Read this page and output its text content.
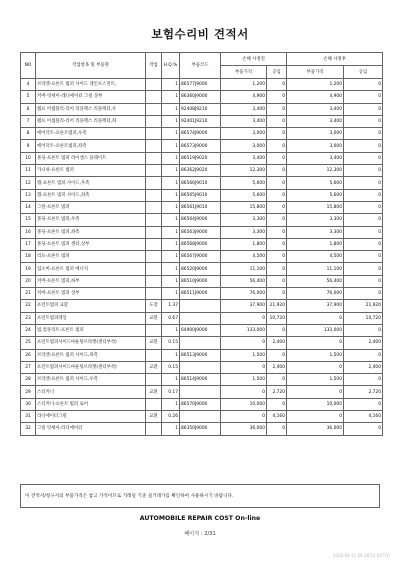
보험수리비 견적서
NO	작업항목 및 부품명	작업	H.Q.%	부품코드	손해 사정전		손해 사정후	
					부품가격	공임	부품가격	공임
4	브라켓-프론트 범퍼 사이드 레인포스먼트,		1	86577J9000	1,200	0	1,200	0
5	커버-엇세이-레디에이터 그릴 상부		1	86360J9000	4,900	0	4,900	0
6	램프 어셈블리-리어 리플렉스 리플렉터,우		1	92408J9210	3,400	0	3,400	0
7	램프 어셈블리-리어 리플렉스 리플렉터,좌		1	92401J9210	3,400	0	3,400	0
8	에어덕트-프론트범퍼,우측		1	86574J9000	3,000	0	3,000	0
9	에어덕트-프론트범퍼,좌측		1	86573J9000	3,000	0	3,000	0
10	몰딩-프론트 범퍼 라이센스 플레이트		1	86519J9020	3,400	0	3,400	0
11	가니쉬-프론트 범퍼		1	86362J9020	12,300	0	12,300	0
12	캡-프론트 범퍼 사이드,우측		1	86566J9010	5,600	0	5,600	0
13	캡-프론트 범퍼 사이드,좌측		1	86565J9010	5,600	0	5,600	0
14	그릴-프론트 범퍼		1	86561J9010	15,800	0	15,800	0
15	몰딩-프론트 범퍼,우측		1	86564J9000	3,300	0	3,300	0
16	몰딩-프론트 범퍼,좌측		1	86563J9000	3,300	0	3,300	0
17	몰딩-프론트 범퍼 센터,상부		1	86568J9000	1,800	0	1,800	0
18	리프-프론트 범퍼		1	86567J9000	4,500	0	4,500	0
19	업소버-프론트 범퍼 에너지		1	86520J9000	11,100	0	11,100	0
20	커버-프론트 범퍼,하부		1	86510J9000	56,400	0	56,400	0
21	커버-프론트 범퍼 상부		1	86511J9000	76,000	0	76,000	0
22	프런트범퍼 교환	도장	1.37		37,900	21,920	37,900	21,920
23	프런트범퍼레일	교환	0.67		0	10,720	0	10,720
24	빔,컴플리트-프론트 범퍼		1	64900J9000	133,000	0	133,000	0
25	프런트범퍼사이드마운팅브라켓(센더부착)	교환	0.15		0	2,400	0	2,400
26	브라켓-프론트 범퍼 사이드,좌측		1	86513J9000	1,500	0	1,500	0
27	프런트범퍼사이드마운팅브라켓(센더부착)	교환	0.15		0	2,400	0	2,400
28	브라켓-프론트 범퍼 사이드,우측		1	86514J9000	1,500	0	1,500	0
29	스티커너	교환	0.17		0	2,720	0	2,720
30	스티커너-프론트 범퍼 로어		1	86570J9000	10,000	0	10,000	0
31	라디에이터그릴	교환	0.26		0	4,160	0	4,160
32	그릴 엇세이-라디에이터		1	86350J9000	36,000	0	36,000	0
이 견적서/청구서의 부품가격은 참고 가격이므로 거래일 기준 실거래가를 확인하여 사용하시기 바랍니다.
AUTOMOBILE REPAIR COST On-line
페이지 : 2/31
2020-04-11 09:38:51 KST(1)
